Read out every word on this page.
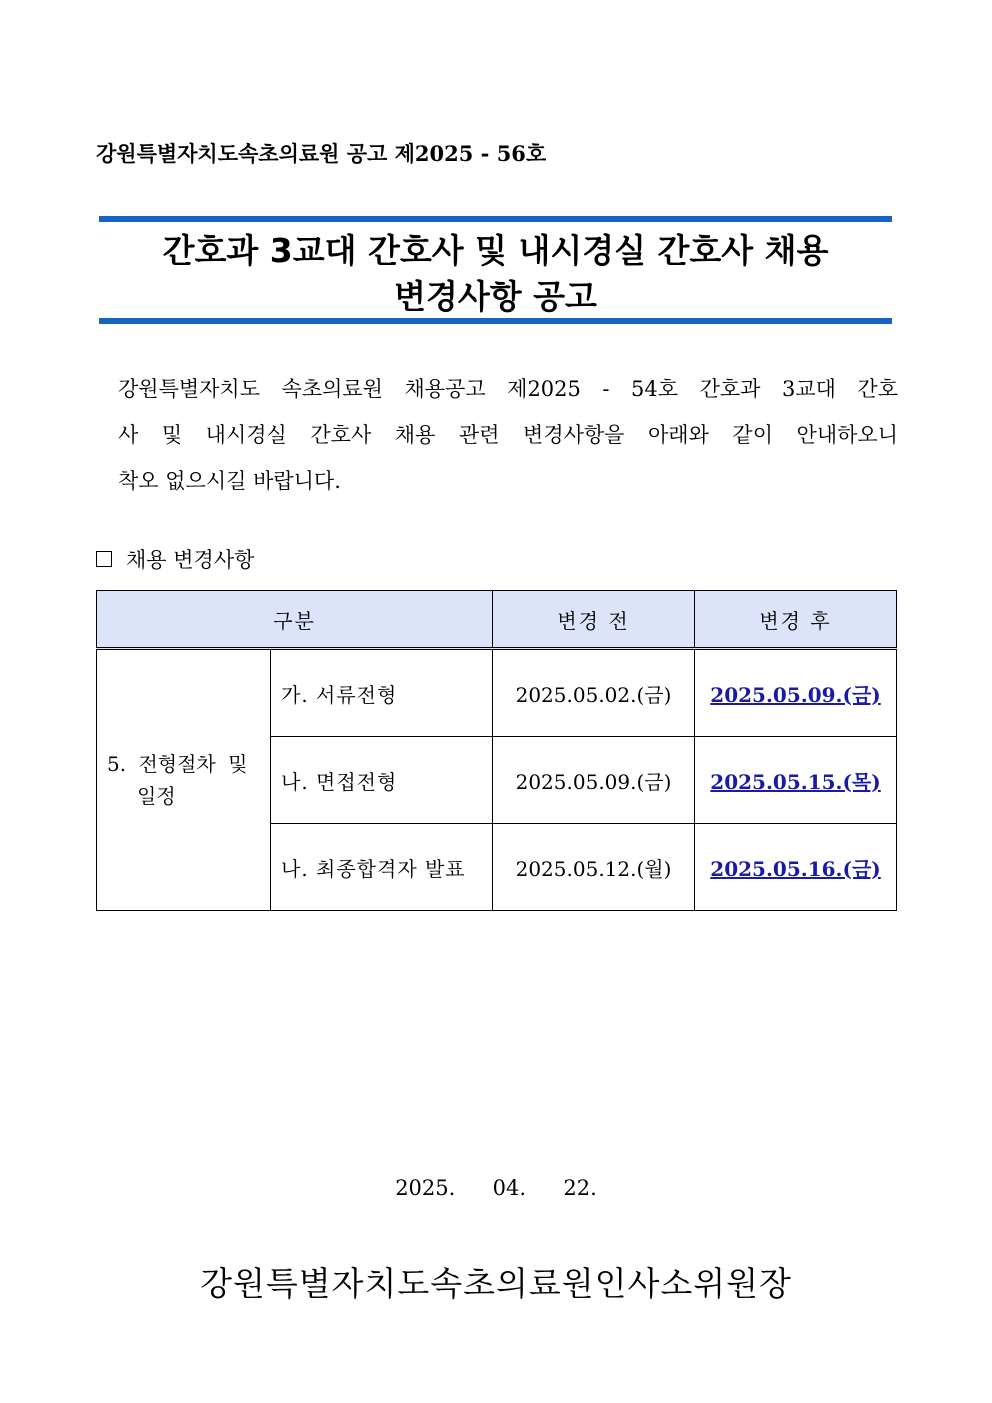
강원특별자치도속초의료원 공고 제2025 - 56호
간호과 3교대 간호사 및 내시경실 간호사 채용
변경사항 공고
강원특별자치도 속초의료원 채용공고 제2025 - 54호 간호과 3교대 간호
사 및 내시경실 간호사 채용 관련 변경사항을 아래와 같이 안내하오니
착오 없으시길 바랍니다.
채용 변경사항
구분		변경 전	변경 후

5. 전형절차 및
일정	가. 서류전형	2025.05.02.(금)	2025.05.09.(금)
	나. 면접전형	2025.05.09.(금)	2025.05.15.(목)
	나. 최종합격자 발표	2025.05.12.(월)	2025.05.16.(금)
2025.  04.  22.
강원특별자치도속초의료원인사소위원장
